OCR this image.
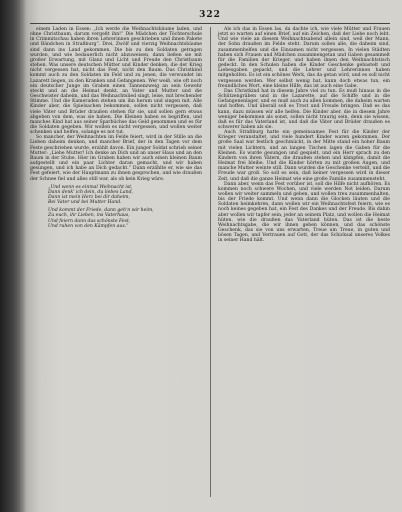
322

einem Laden in Essen: „Ich werde die Weihnachtsbäume laden, und ohne Christbaum, darum vergeßt ihn!“ Die Mädchen der Töchterschule in Crimmitschau haben ihren Lehrerinnen geschrieben und ihnen Pakete und Bändchen in Straßburg“. Drei, Zwölf und vierzig Weihnachtsbäume sind dann ins Land gekommen. Die bis zu den Soldaten getragen wurden, und wie bedauerlich nicht abzuweisen, dann ließen sie mit großer Erwartung, mit Glanz und Licht und Freude den Christbaum stehen. Was unsere deutschen Mütter und Kinder denken, die der Krieg nicht vergessen hat, nicht das Fest, nicht den Baum. Das Christkind kommt auch zu den Soldaten im Feld und zu jenen, die verwundet im Lazarett liegen, zu den Kranken und Gefangenen. Wer weiß, wie oft noch ein deutscher Junge im Graben einen Tannenzweig an sein Gewehr steckt und an die Heimat denkt, an Vater und Mutter und die Geschwister daheim, und das Weihnachtslied singt, leise, mit brechender Stimme. Und die Kameraden stehen um ihn herum und singen mit. Alle Kinder aber, die Spielsachen bekommen, sollen nicht vergessen, daß viele Väter und Brüder draußen stehen für sie, und sollen gern etwas abgeben von dem, was sie haben. Die Kleinen haben es begriffen, und manches Kind hat aus seiner Sparbüchse das Geld genommen und es für die Soldaten gegeben. Wir wollen es nicht vergessen, und wollen weiter schenken und helfen, solange es not tut.

So mancher, der Weihnachten im Felde feiert, wird in der Stille an die Lieben daheim denken, und mancher Brief, der in den Tagen vor dem Feste geschrieben wurde, erzählt davon. Ein junger Soldat schrieb seiner Mutter: „Liebe Mutter! Ich denke an Dich und an unser Haus und an den Baum in der Stube. Hier im Graben haben wir auch einen kleinen Baum aufgestellt und ein paar Lichter daran gemacht, und wir haben gesungen, und ich habe an Dich gedacht.“ Dann erzählte er, wie sie das Fest gefeiert, wie der Hauptmann zu ihnen gesprochen, und wie draußen der Schnee fiel und alles still war, als ob kein Krieg wäre.

„Und wenn es einmal Weihnacht ist,
Dann denk' ich dein, du liebes Land,
Dann ist mein Herz bei dir daheim,
Bei Vater und bei Mutter Hand.
Und kommt der Friede, dann geh'n wir heim,
Zu euch, ihr Lieben, ins Vaterhaus,
Und feiern dann das schönste Fest,
Und ruhen von den Kämpfen aus.“

Als ich das in Essen las, da dachte ich, wie viele Mütter und Frauen jetzt so warten auf einen Brief, auf ein Zeichen, daß der Liebe noch lebt. Und wie viele an diesem Weihnachtsabend allein sind, weil der Mann, der Sohn draußen im Felde steht. Darum sollen alle, die daheim sind, zusammenhelfen und die Einsamen nicht vergessen. In vielen Städten haben sich Frauen und Mädchen zusammengetan und Gaben gesammelt für die Familien der Krieger, und haben ihnen den Weihnachtstisch gedeckt. In den Schulen haben die Kinder Geschenke gebastelt und Liebesgaben gepackt, und die Lehrer und Lehrerinnen haben mitgeholfen. Es ist ein schönes Werk, das da getan wird, und es soll nicht vergessen werden. Wer selbst wenig hat, kann doch etwas tun, ein freundliches Wort, eine kleine Hilfe, das ist auch eine Gabe.

Das Christkind hat in diesem Jahre viel zu tun. Es muß hinaus in die Schützengräben und in die Lazarette, auf die Schiffe und in die Gefangenenlager, und es muß auch zu allen kommen, die daheim warten und hoffen. Und überall soll es Trost und Freude bringen. Daß es das kann, dazu müssen wir alle helfen. Die Kinder aber, die in diesem Jahre weniger bekommen als sonst, sollen nicht traurig sein, denn sie wissen, daß es für das Vaterland ist, und daß die Väter und Brüder draußen es schwerer haben als sie.

Auch Straßburg hatte ein gemeinsames Fest für die Kinder der Krieger veranstaltet, und viele hundert Kinder waren gekommen. Der große Saal war festlich geschmückt, in der Mitte stand ein hoher Baum mit vielen Lichtern, und an langen Tischen lagen die Gaben für die Kleinen. Es wurde gesungen und gespielt, und ein Herr sprach zu den Kindern von ihren Vätern, die draußen stehen und kämpfen, damit die Heimat frei bleibe. Und die Kinder hörten zu mit großen Augen, und manche Mutter weinte still. Dann wurden die Geschenke verteilt, und die Freude war groß. So soll es sein, daß keiner vergessen wird in dieser Zeit, und daß die ganze Heimat wie eine große Familie zusammensteht.

Dann aber, wenn das Fest vorüber ist, soll die Hilfe nicht aufhören. Es kommen noch schwere Wochen, und viele werden Not leiden. Darum wollen wir weiter sammeln und geben, und wollen treu zusammenhalten, bis der Friede kommt. Und wenn dann die Glocken läuten und die Soldaten heimkehren, dann wollen wir ein Weihnachtsfest feiern, wie es noch keines gegeben hat, ein Fest des Dankes und der Freude. Bis dahin aber wollen wir tapfer sein, jeder an seinem Platz, und wollen die Heimat hüten, wie die draußen das Vaterland hüten. Das ist die beste Weihnachtsgabe, die wir ihnen geben können, und das schönste Geschenk, das sie von uns erwarten, Treue um Treue, in guten und bösen Tagen, und Vertrauen auf Gott, der das Schicksal unseres Volkes in seiner Hand hält.
